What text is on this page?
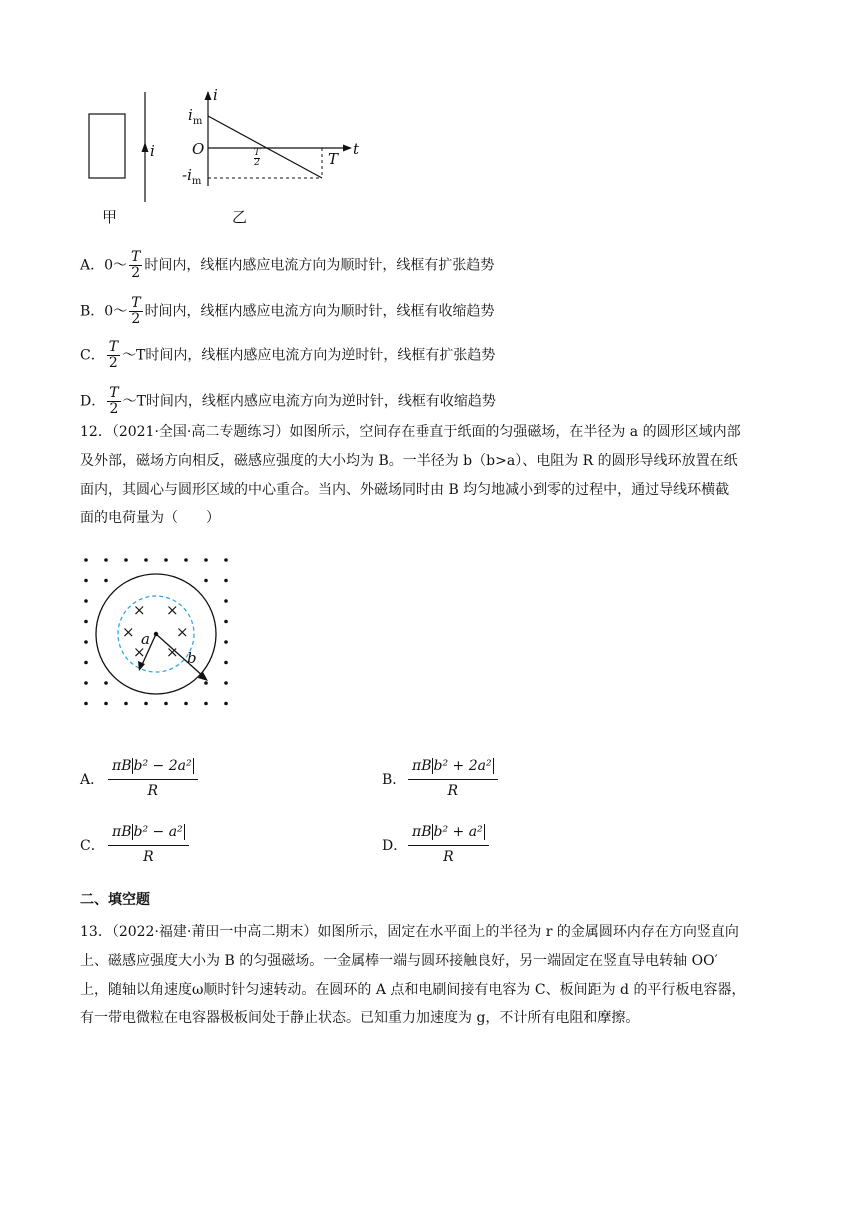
i
甲	乙
i
t
$i_m$
O
$-i_m$
T
T
2
A．0～ $\frac{T}{2}$ 时间内，线框内感应电流方向为顺时针，线框有扩张趋势
B．0～ $\frac{T}{2}$ 时间内，线框内感应电流方向为顺时针，线框有收缩趋势
C． $\frac{T}{2}$ ～T时间内，线框内感应电流方向为逆时针，线框有扩张趋势
D． $\frac{T}{2}$ ～T时间内，线框内感应电流方向为逆时针，线框有收缩趋势
12．（2021·全国·高二专题练习）如图所示，空间存在垂直于纸面的匀强磁场，在半径为 a 的圆形区域内部
及外部，磁场方向相反，磁感应强度的大小均为 B。一半径为 b（b>a）、电阻为 R 的圆形导线环放置在纸
面内，其圆心与圆形区域的中心重合。当内、外磁场同时由 B 均匀地减小到零的过程中，通过导线环横截
面的电荷量为（　　）
× ×
×	×
× ×
a
b
A．
πB b² − 2a²
R
B．
πB b² + 2a²
R
C．
πB b² − a²
R
D．
πB b² + a²
R
二、填空题
13．（2022·福建·莆田一中高二期末）如图所示，固定在水平面上的半径为 r 的金属圆环内存在方向竖直向
上、磁感应强度大小为 B 的匀强磁场。一金属棒一端与圆环接触良好，另一端固定在竖直导电转轴 OO′
上，随轴以角速度ω顺时针匀速转动。在圆环的 A 点和电刷间接有电容为 C、板间距为 d 的平行板电容器，
有一带电微粒在电容器极板间处于静止状态。已知重力加速度为 g，不计所有电阻和摩擦。
